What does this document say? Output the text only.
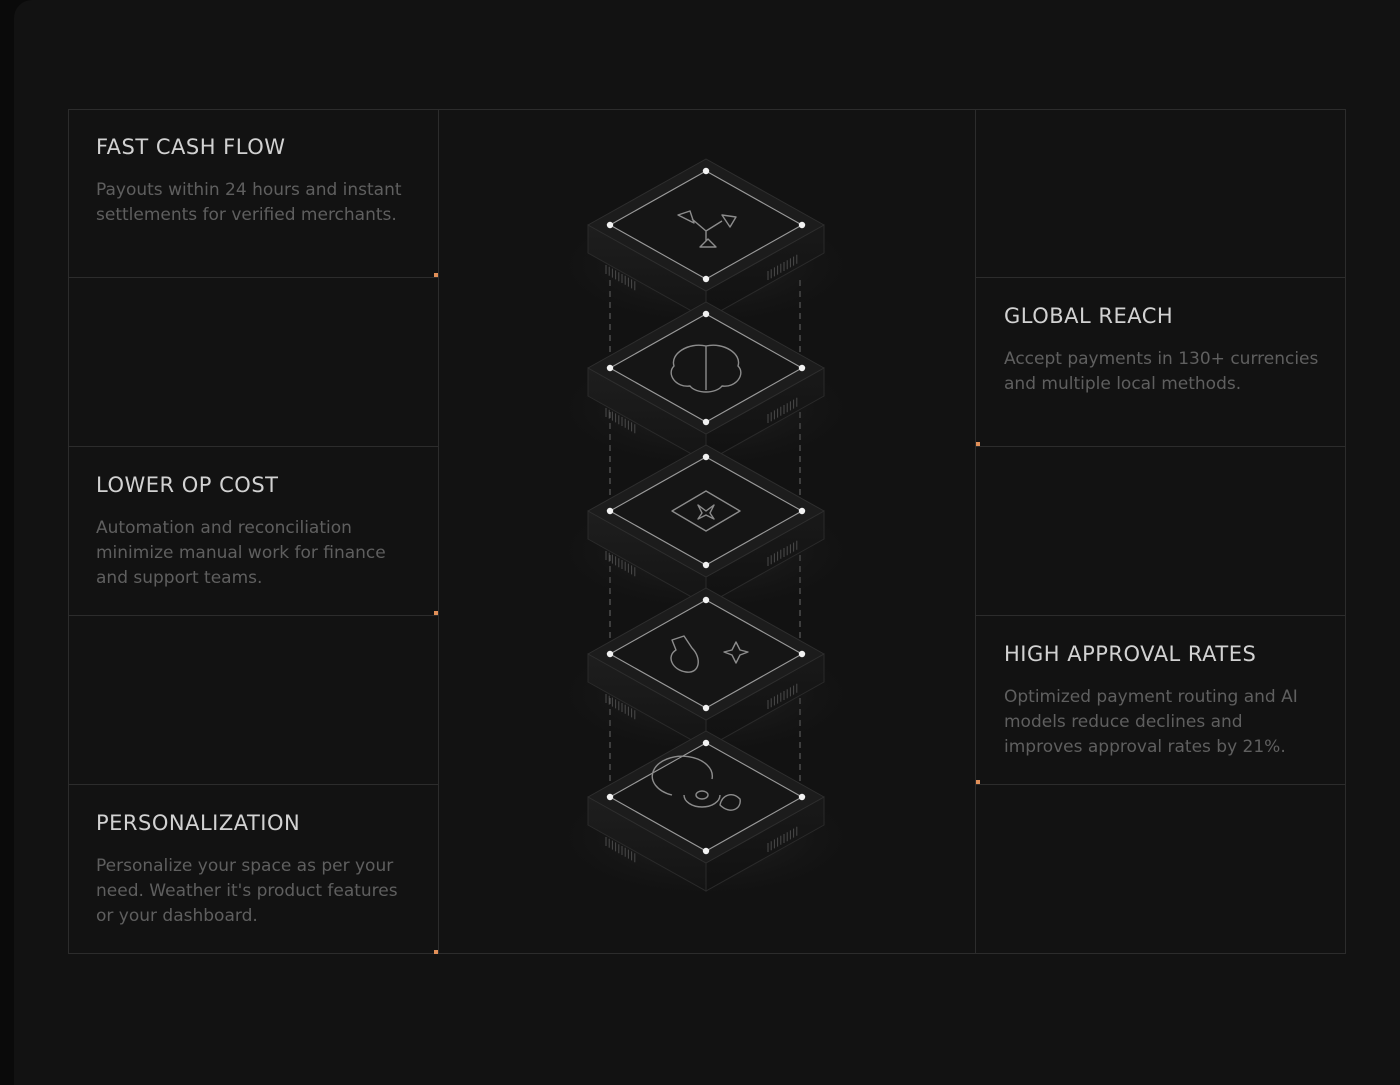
FAST CASH FLOW

Payouts within 24 hours and instant settlements for verified merchants.

LOWER OP COST

Automation and reconciliation minimize manual work for finance and support teams.

PERSONALIZATION

Personalize your space as per your need. Weather it's product features or your dashboard.

GLOBAL REACH

Accept payments in 130+ currencies and multiple local methods.

HIGH APPROVAL RATES

Optimized payment routing and AI models reduce declines and improves approval rates by 21%.
